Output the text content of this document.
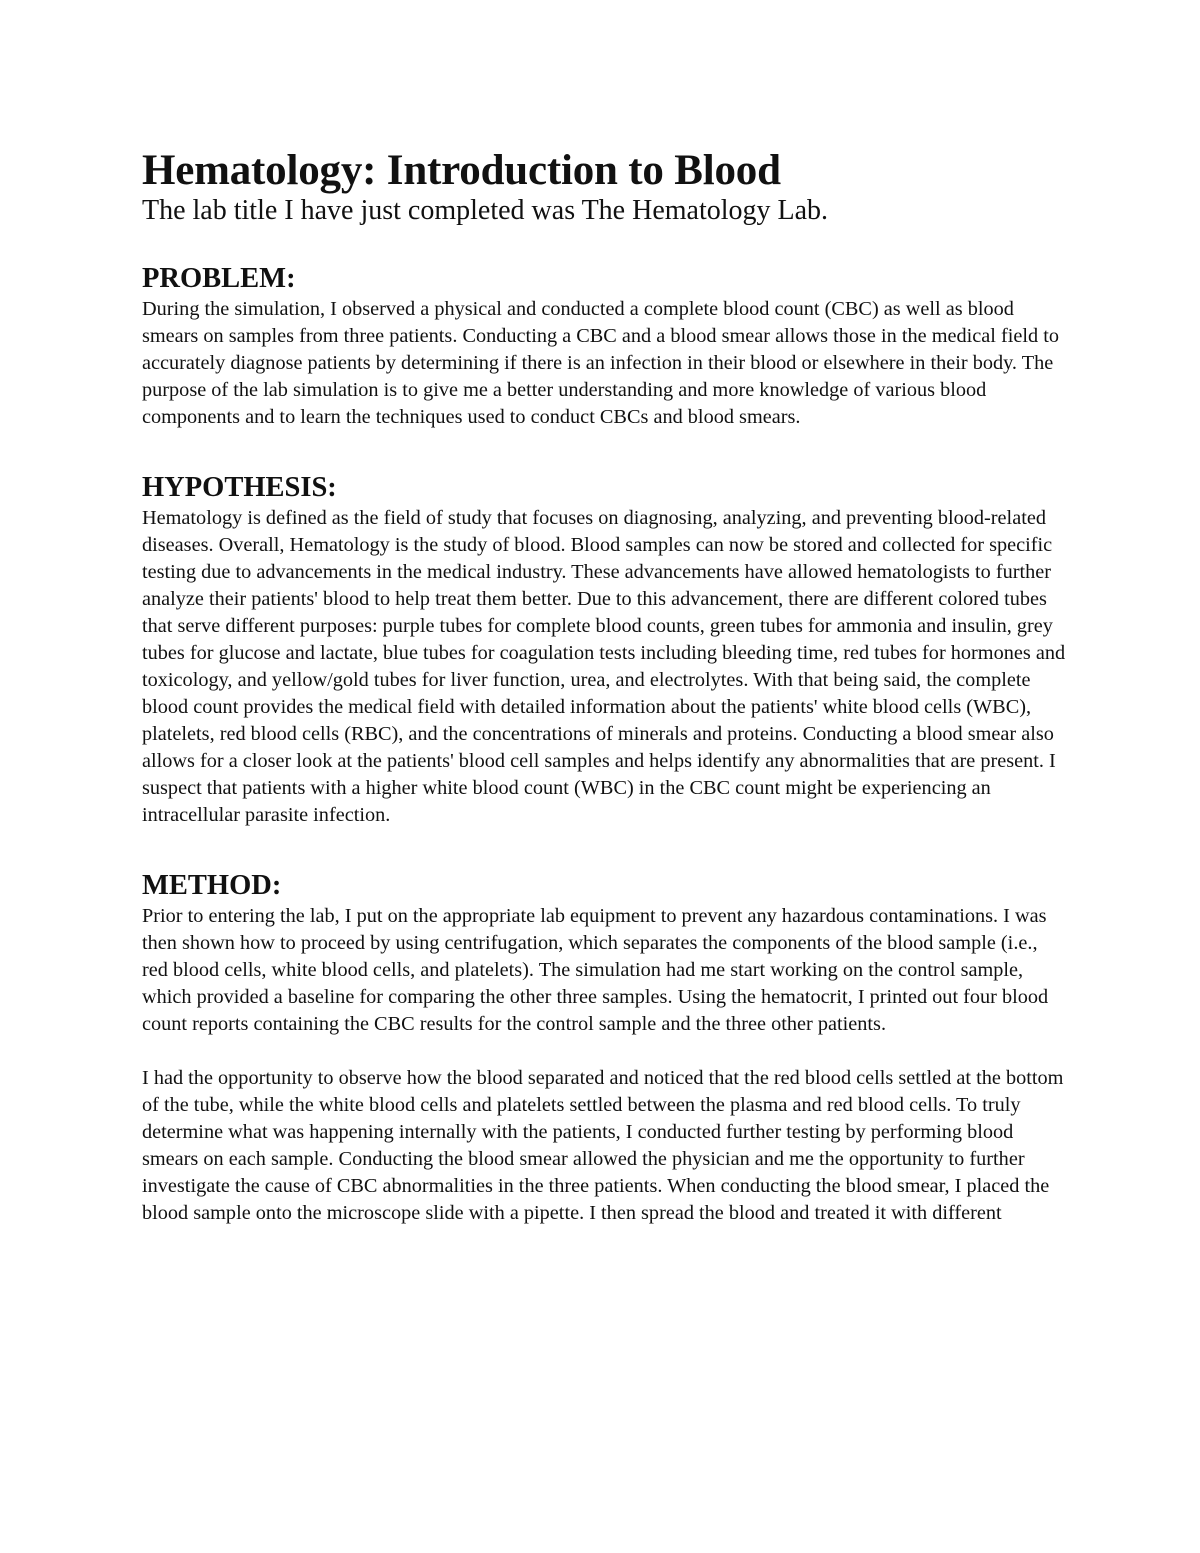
Hematology: Introduction to Blood

The lab title I have just completed was The Hematology Lab.

PROBLEM:

During the simulation, I observed a physical and conducted a complete blood count (CBC) as well as blood smears on samples from three patients. Conducting a CBC and a blood smear allows those in the medical field to accurately diagnose patients by determining if there is an infection in their blood or elsewhere in their body. The purpose of the lab simulation is to give me a better understanding and more knowledge of various blood components and to learn the techniques used to conduct CBCs and blood smears.

HYPOTHESIS:

Hematology is defined as the field of study that focuses on diagnosing, analyzing, and preventing blood-related diseases. Overall, Hematology is the study of blood. Blood samples can now be stored and collected for specific testing due to advancements in the medical industry. These advancements have allowed hematologists to further analyze their patients' blood to help treat them better. Due to this advancement, there are different colored tubes that serve different purposes: purple tubes for complete blood counts, green tubes for ammonia and insulin, grey tubes for glucose and lactate, blue tubes for coagulation tests including bleeding time, red tubes for hormones and toxicology, and yellow/gold tubes for liver function, urea, and electrolytes. With that being said, the complete blood count provides the medical field with detailed information about the patients' white blood cells (WBC), platelets, red blood cells (RBC), and the concentrations of minerals and proteins. Conducting a blood smear also allows for a closer look at the patients' blood cell samples and helps identify any abnormalities that are present. I suspect that patients with a higher white blood count (WBC) in the CBC count might be experiencing an intracellular parasite infection.

METHOD:

Prior to entering the lab, I put on the appropriate lab equipment to prevent any hazardous contaminations. I was then shown how to proceed by using centrifugation, which separates the components of the blood sample (i.e., red blood cells, white blood cells, and platelets). The simulation had me start working on the control sample, which provided a baseline for comparing the other three samples. Using the hematocrit, I printed out four blood count reports containing the CBC results for the control sample and the three other patients.

I had the opportunity to observe how the blood separated and noticed that the red blood cells settled at the bottom of the tube, while the white blood cells and platelets settled between the plasma and red blood cells. To truly determine what was happening internally with the patients, I conducted further testing by performing blood smears on each sample. Conducting the blood smear allowed the physician and me the opportunity to further investigate the cause of CBC abnormalities in the three patients. When conducting the blood smear, I placed the blood sample onto the microscope slide with a pipette. I then spread the blood and treated it with different
